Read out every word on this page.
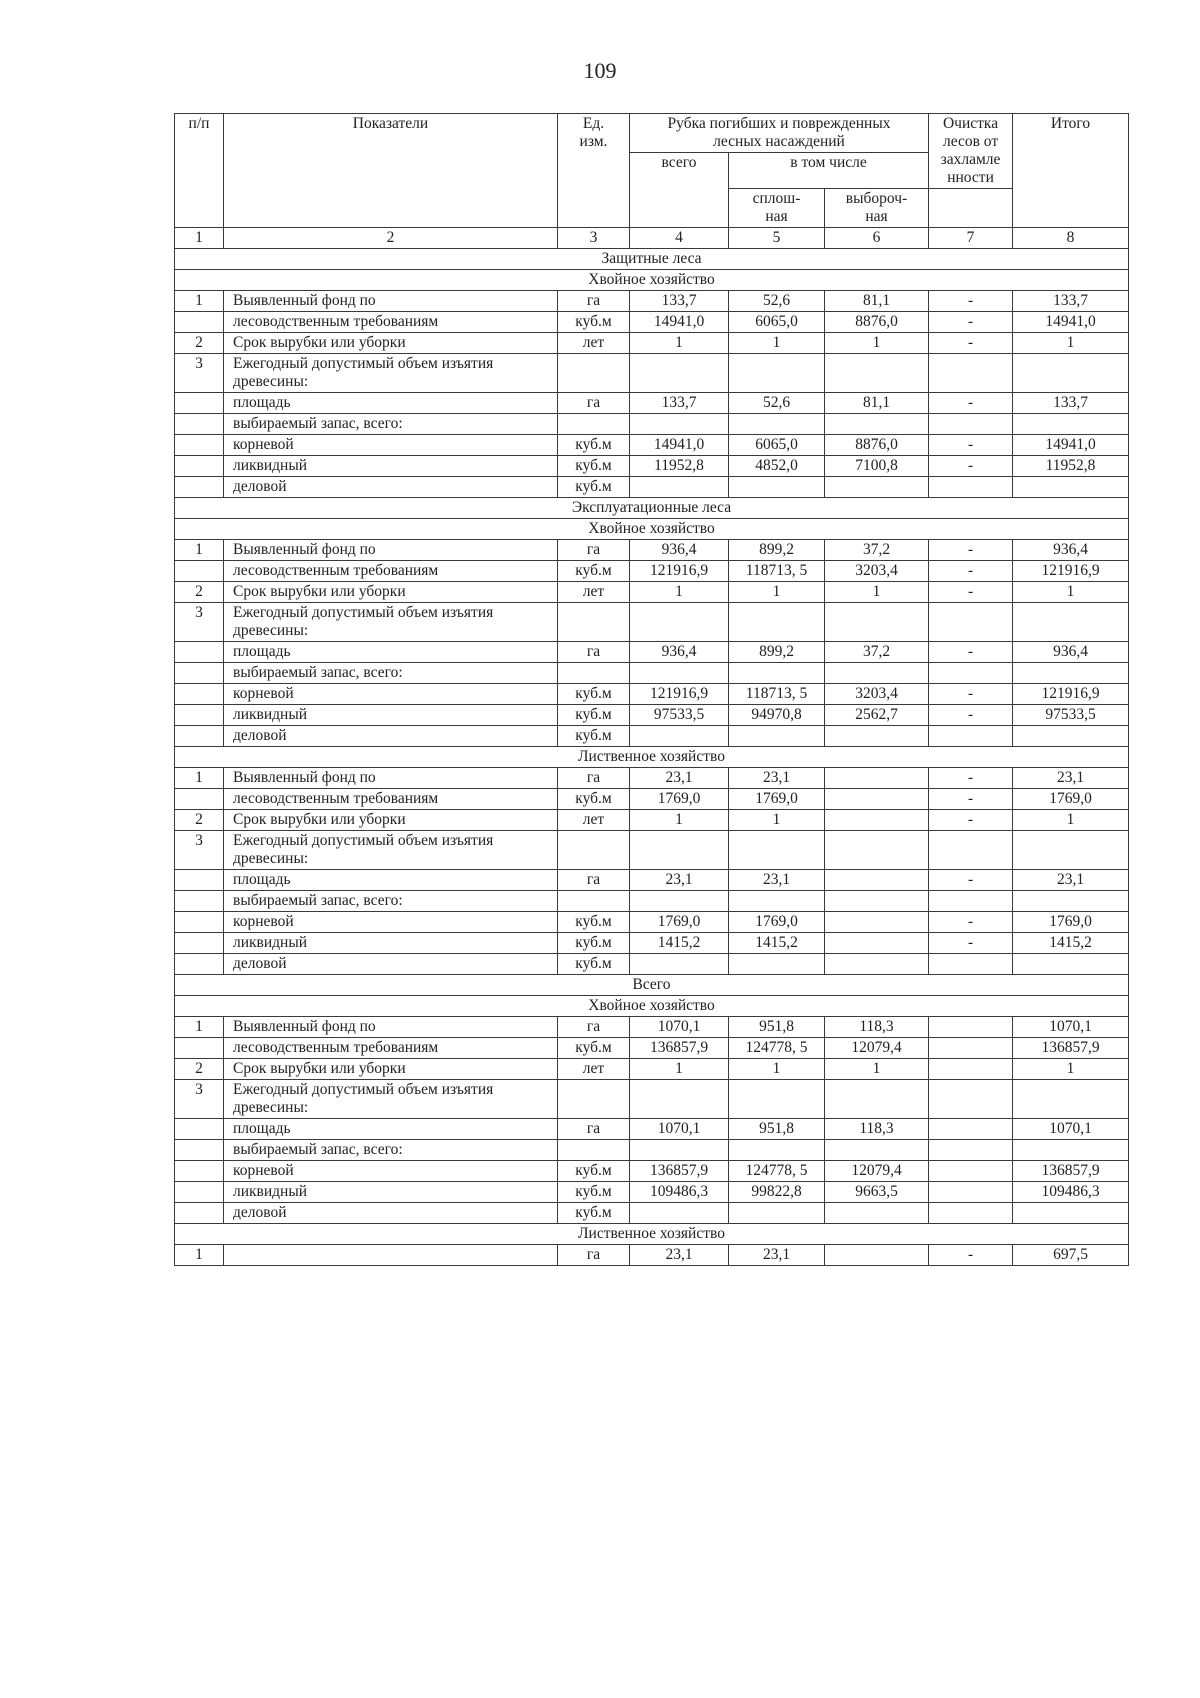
109
п/п	Показатели	Ед. изм.	Рубка погибших и поврежденных лесных насаждений			Очистка лесов от захламле нности	Итого
			всего	в том числе			
				сплош-ная	выбороч-ная		
1	2	3	4	5	6	7	8
Защитные леса							
Хвойное хозяйство							
1	Выявленный фонд по	га	133,7	52,6	81,1	-	133,7
	лесоводственным требованиям	куб.м	14941,0	6065,0	8876,0	-	14941,0
2	Срок вырубки или уборки	лет	1	1	1	-	1
3	Ежегодный допустимый объем изъятия древесины:						
	площадь	га	133,7	52,6	81,1	-	133,7
	выбираемый запас, всего:						
	корневой	куб.м	14941,0	6065,0	8876,0	-	14941,0
	ликвидный	куб.м	11952,8	4852,0	7100,8	-	11952,8
	деловой	куб.м					
Эксплуатационные леса							
Хвойное хозяйство							
1	Выявленный фонд по	га	936,4	899,2	37,2	-	936,4
	лесоводственным требованиям	куб.м	121916,9	118713, 5	3203,4	-	121916,9
2	Срок вырубки или уборки	лет	1	1	1	-	1
3	Ежегодный допустимый объем изъятия древесины:						
	площадь	га	936,4	899,2	37,2	-	936,4
	выбираемый запас, всего:						
	корневой	куб.м	121916,9	118713, 5	3203,4	-	121916,9
	ликвидный	куб.м	97533,5	94970,8	2562,7	-	97533,5
	деловой	куб.м					
Лиственное хозяйство							
1	Выявленный фонд по	га	23,1	23,1		-	23,1
	лесоводственным требованиям	куб.м	1769,0	1769,0		-	1769,0
2	Срок вырубки или уборки	лет	1	1		-	1
3	Ежегодный допустимый объем изъятия древесины:						
	площадь	га	23,1	23,1		-	23,1
	выбираемый запас, всего:						
	корневой	куб.м	1769,0	1769,0		-	1769,0
	ликвидный	куб.м	1415,2	1415,2		-	1415,2
	деловой	куб.м					
Всего							
Хвойное хозяйство							
1	Выявленный фонд по	га	1070,1	951,8	118,3		1070,1
	лесоводственным требованиям	куб.м	136857,9	124778, 5	12079,4		136857,9
2	Срок вырубки или уборки	лет	1	1	1		1
3	Ежегодный допустимый объем изъятия древесины:						
	площадь	га	1070,1	951,8	118,3		1070,1
	выбираемый запас, всего:						
	корневой	куб.м	136857,9	124778, 5	12079,4		136857,9
	ликвидный	куб.м	109486,3	99822,8	9663,5		109486,3
	деловой	куб.м					
Лиственное хозяйство							
1		га	23,1	23,1		-	697,5
